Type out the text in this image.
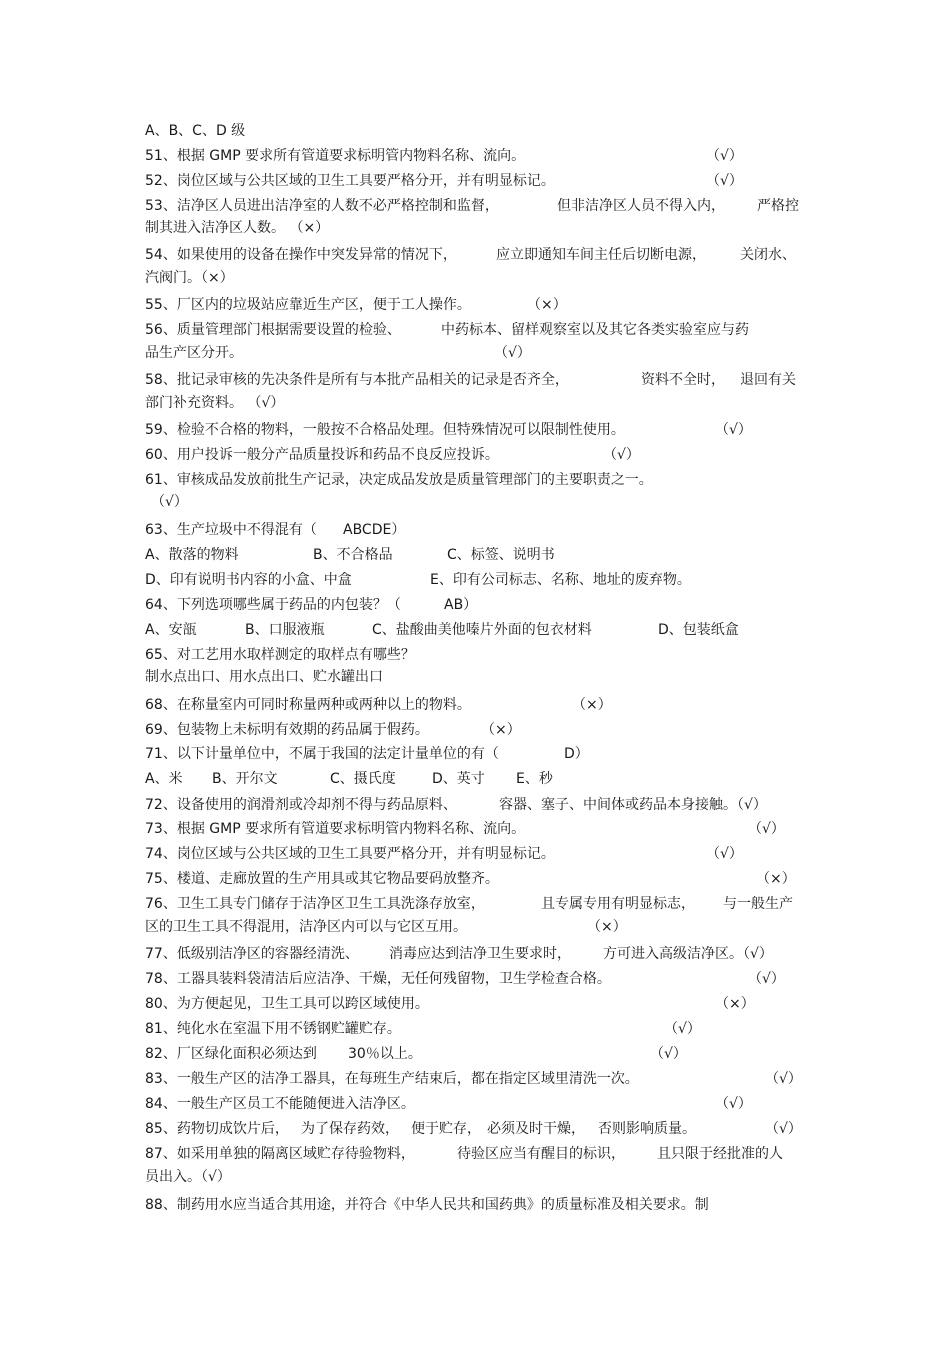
A、B、C、D 级
51、根据 GMP 要求所有管道要求标明管内物料名称、流向。	（√）
52、岗位区域与公共区域的卫生工具要严格分开，并有明显标记。	（√）
53、洁净区人员进出洁净室的人数不必严格控制和监督，	但非洁净区人员不得入内， 严格控
制其进入洁净区人数。 （×）
54、如果使用的设备在操作中突发异常的情况下，	应立即通知车间主任后切断电源， 关闭水、
汽阀门。（×）
55、厂区内的垃圾站应靠近生产区，便于工人操作。	（×）
56、质量管理部门根据需要设置的检验、	中药标本、留样观察室以及其它各类实验室应与药
品生产区分开。	（√）
58、批记录审核的先决条件是所有与本批产品相关的记录是否齐全，	资料不全时， 退回有关
部门补充资料。 （√）
59、检验不合格的物料，一般按不合格品处理。但特殊情况可以限制性使用。	（√）
60、用户投诉一般分产品质量投诉和药品不良反应投诉。	（√）
61、审核成品发放前批生产记录，决定成品发放是质量管理部门的主要职责之一。
（√）
63、生产垃圾中不得混有（ ABCDE）
A、散落的物料	B、不合格品	C、标签、说明书
D、印有说明书内容的小盒、中盒	E、印有公司标志、名称、地址的废弃物。
64、下列选项哪些属于药品的内包装？（	AB）
A、安瓿	B、口服液瓶	C、盐酸曲美他嗪片外面的包衣材料	D、包装纸盒
65、对工艺用水取样测定的取样点有哪些？
制水点出口、用水点出口、贮水罐出口
68、在称量室内可同时称量两种或两种以上的物料。	（×）
69、包装物上未标明有效期的药品属于假药。	（×）
71、以下计量单位中，不属于我国的法定计量单位的有（	D）
A、米 B、开尔文	C、摄氏度	D、英寸 E、秒
72、设备使用的润滑剂或冷却剂不得与药品原料、	容器、塞子、中间体或药品本身接触。（√）
73、根据 GMP 要求所有管道要求标明管内物料名称、流向。	（√）
74、岗位区域与公共区域的卫生工具要严格分开，并有明显标记。	（√）
75、楼道、走廊放置的生产用具或其它物品要码放整齐。	（×）
76、卫生工具专门储存于洁净区卫生工具洗涤存放室，	且专属专用有明显标志， 与一般生产
区的卫生工具不得混用，洁净区内可以与它区互用。	（×）
77、低级别洁净区的容器经清洗、 消毒应达到洁净卫生要求时， 方可进入高级洁净区。（√）
78、工器具装料袋清洁后应洁净、干燥，无任何残留物，卫生学检查合格。	（√）
80、为方便起见，卫生工具可以跨区域使用。	（×）
81、纯化水在室温下用不锈钢贮罐贮存。	（√）
82、厂区绿化面积必须达到 30％以上。	（√）
83、一般生产区的洁净工器具，在每班生产结束后，都在指定区域里清洗一次。	（√）
84、一般生产区员工不能随便进入洁净区。	（√）
85、药物切成饮片后， 为了保存药效， 便于贮存， 必须及时干燥， 否则影响质量。	（√）
87、如采用单独的隔离区域贮存待验物料，	待验区应当有醒目的标识， 且只限于经批准的人
员出入。（√）
88、制药用水应当适合其用途，并符合《中华人民共和国药典》的质量标准及相关要求。制
